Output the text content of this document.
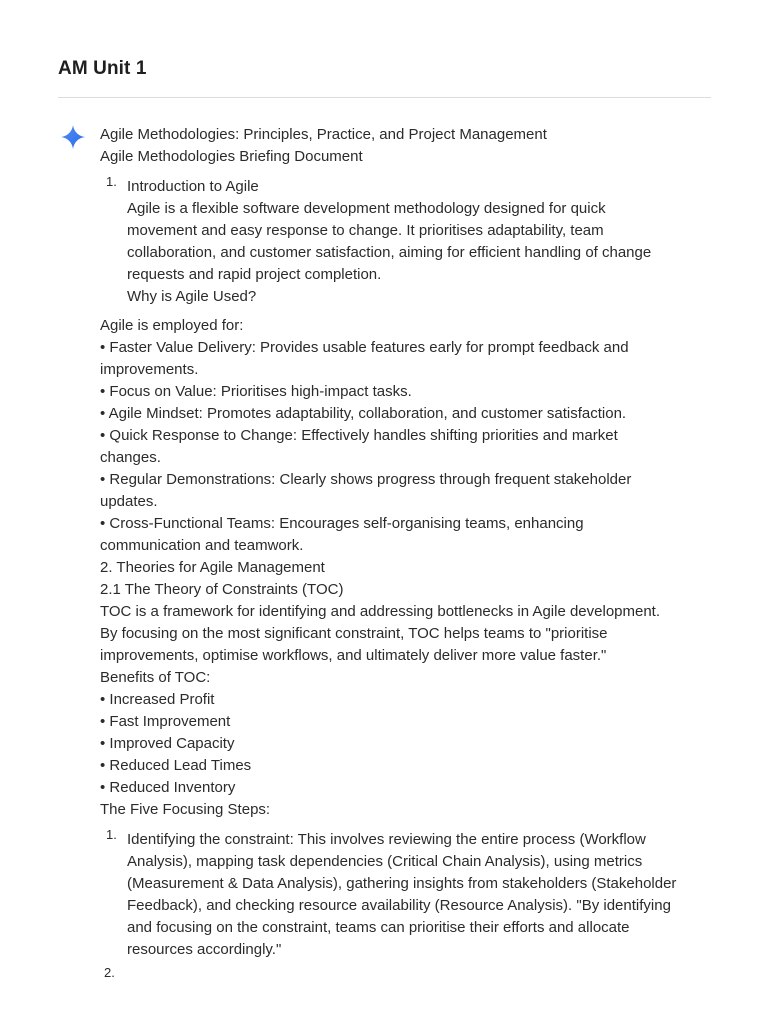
AM Unit 1

Agile Methodologies: Principles, Practice, and Project Management

Agile Methodologies Briefing Document

1. Introduction to Agile

Agile is a flexible software development methodology designed for quick

movement and easy response to change. It prioritises adaptability, team

collaboration, and customer satisfaction, aiming for efficient handling of change

requests and rapid project completion.

Why is Agile Used?

Agile is employed for:

• Faster Value Delivery: Provides usable features early for prompt feedback and

improvements.

• Focus on Value: Prioritises high-impact tasks.

• Agile Mindset: Promotes adaptability, collaboration, and customer satisfaction.

• Quick Response to Change: Effectively handles shifting priorities and market

changes.

• Regular Demonstrations: Clearly shows progress through frequent stakeholder

updates.

• Cross-Functional Teams: Encourages self-organising teams, enhancing

communication and teamwork.

2. Theories for Agile Management

2.1 The Theory of Constraints (TOC)

TOC is a framework for identifying and addressing bottlenecks in Agile development.

By focusing on the most significant constraint, TOC helps teams to "prioritise

improvements, optimise workflows, and ultimately deliver more value faster."

Benefits of TOC:

• Increased Profit

• Fast Improvement

• Improved Capacity

• Reduced Lead Times

• Reduced Inventory

The Five Focusing Steps:

1. Identifying the constraint: This involves reviewing the entire process (Workflow

Analysis), mapping task dependencies (Critical Chain Analysis), using metrics

(Measurement & Data Analysis), gathering insights from stakeholders (Stakeholder

Feedback), and checking resource availability (Resource Analysis). "By identifying

and focusing on the constraint, teams can prioritise their efforts and allocate

resources accordingly."

2.
